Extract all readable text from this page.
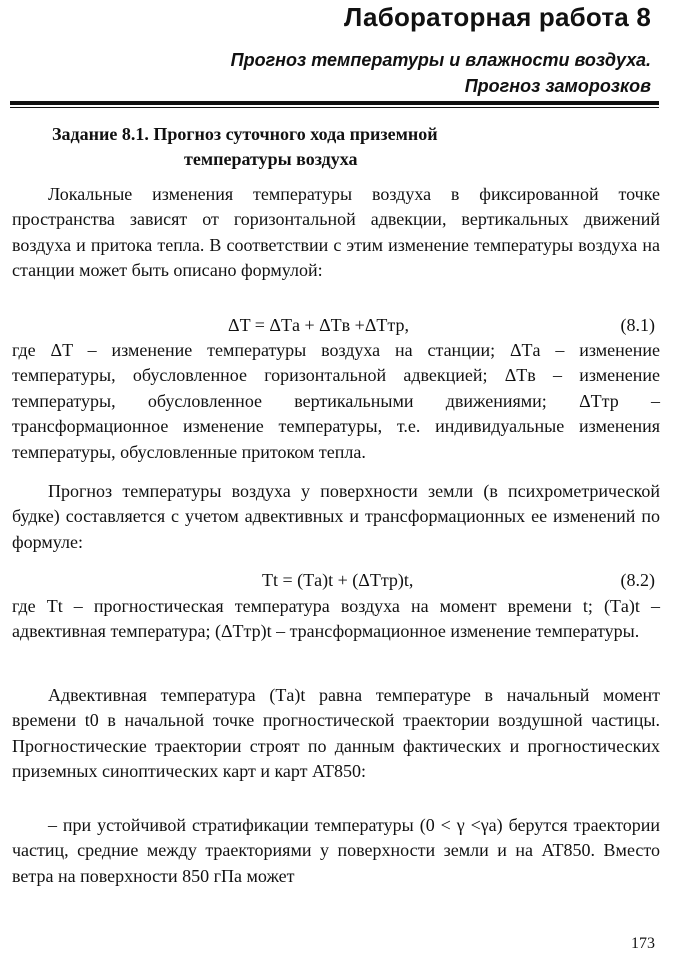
Лабораторная работа 8
Прогноз температуры и влажности воздуха.
Прогноз заморозков
Задание 8.1. Прогноз суточного хода приземной
температуры воздуха

Локальные изменения температуры воздуха в фиксированной точке пространства зависят от горизонтальной адвекции, вертикальных движений воздуха и притока тепла. В соответствии с этим изменение температуры воздуха на станции может быть описано формулой:

ΔT = ΔTа + ΔTв +ΔTтр,	(8.1)

где ΔT – изменение температуры воздуха на станции; ΔTа – изменение температуры, обусловленное горизонтальной адвекцией; ΔTв – изменение температуры, обусловленное вертикальными движениями; ΔTтр – трансформационное изменение температуры, т.е. индивидуальные изменения температуры, обусловленные притоком тепла.

Прогноз температуры воздуха у поверхности земли (в психрометрической будке) составляется с учетом адвективных и трансформационных ее изменений по формуле:

Tt = (Tа)t + (ΔTтр)t,	(8.2)

где Tt – прогностическая температура воздуха на момент времени t; (Tа)t – адвективная температура; (ΔTтр)t – трансформационное изменение температуры.

Адвективная температура (Tа)t равна температуре в начальный момент времени t0 в начальной точке прогностической траектории воздушной частицы. Прогностические траектории строят по данным фактических и прогностических приземных синоптических карт и карт AT850:

– при устойчивой стратификации температуры (0 < γ <γа) берутся траектории частиц, средние между траекториями у поверхности земли и на AT850. Вместо ветра на поверхности 850 гПа может

173
